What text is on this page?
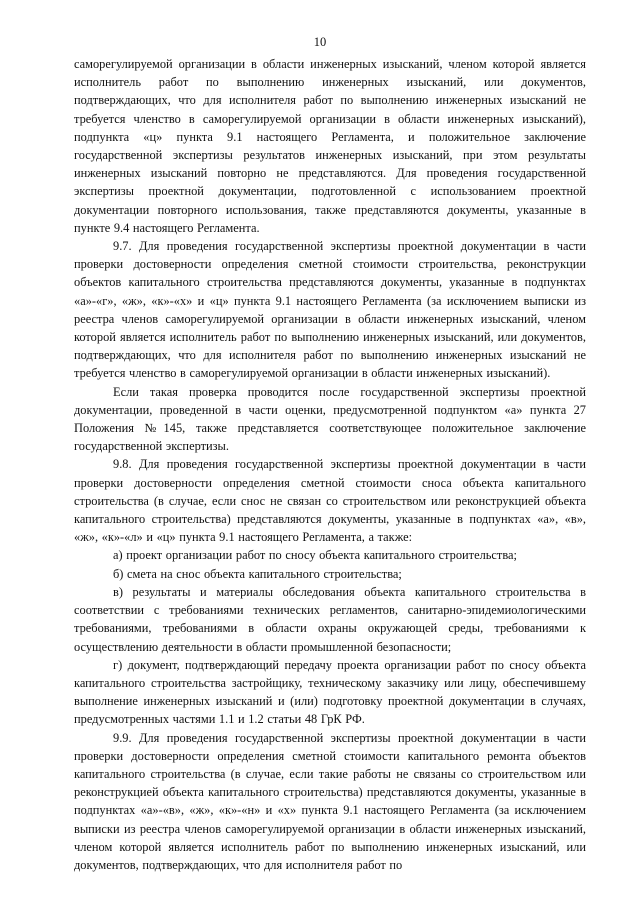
10

саморегулируемой организации в области инженерных изысканий, членом которой является исполнитель работ по выполнению инженерных изысканий, или документов, подтверждающих, что для исполнителя работ по выполнению инженерных изысканий не требуется членство в саморегулируемой организации в области инженерных изысканий), подпункта «ц» пункта 9.1 настоящего Регламента, и положительное заключение государственной экспертизы результатов инженерных изысканий, при этом результаты инженерных изысканий повторно не представляются. Для проведения государственной экспертизы проектной документации, подготовленной с использованием проектной документации повторного использования, также представляются документы, указанные в пункте 9.4 настоящего Регламента.

9.7. Для проведения государственной экспертизы проектной документации в части проверки достоверности определения сметной стоимости строительства, реконструкции объектов капитального строительства представляются документы, указанные в подпунктах «а»-«г», «ж», «к»-«х» и «ц» пункта 9.1 настоящего Регламента (за исключением выписки из реестра членов саморегулируемой организации в области инженерных изысканий, членом которой является исполнитель работ по выполнению инженерных изысканий, или документов, подтверждающих, что для исполнителя работ по выполнению инженерных изысканий не требуется членство в саморегулируемой организации в области инженерных изысканий).

Если такая проверка проводится после государственной экспертизы проектной документации, проведенной в части оценки, предусмотренной подпунктом «а» пункта 27 Положения №145, также представляется соответствующее положительное заключение государственной экспертизы.

9.8. Для проведения государственной экспертизы проектной документации в части проверки достоверности определения сметной стоимости сноса объекта капитального строительства (в случае, если снос не связан со строительством или реконструкцией объекта капитального строительства) представляются документы, указанные в подпунктах «а», «в», «ж», «к»-«л» и «ц» пункта 9.1 настоящего Регламента, а также:

а) проект организации работ по сносу объекта капитального строительства;

б) смета на снос объекта капитального строительства;

в) результаты и материалы обследования объекта капитального строительства в соответствии с требованиями технических регламентов, санитарно-эпидемиологическими требованиями, требованиями в области охраны окружающей среды, требованиями к осуществлению деятельности в области промышленной безопасности;

г) документ, подтверждающий передачу проекта организации работ по сносу объекта капитального строительства застройщику, техническому заказчику или лицу, обеспечившему выполнение инженерных изысканий и (или) подготовку проектной документации в случаях, предусмотренных частями 1.1 и 1.2 статьи 48 ГрК РФ.

9.9. Для проведения государственной экспертизы проектной документации в части проверки достоверности определения сметной стоимости капитального ремонта объектов капитального строительства (в случае, если такие работы не связаны со строительством или реконструкцией объекта капитального строительства) представляются документы, указанные в подпунктах «а»-«в», «ж», «к»-«н» и «х» пункта 9.1 настоящего Регламента (за исключением выписки из реестра членов саморегулируемой организации в области инженерных изысканий, членом которой является исполнитель работ по выполнению инженерных изысканий, или документов, подтверждающих, что для исполнителя работ по
